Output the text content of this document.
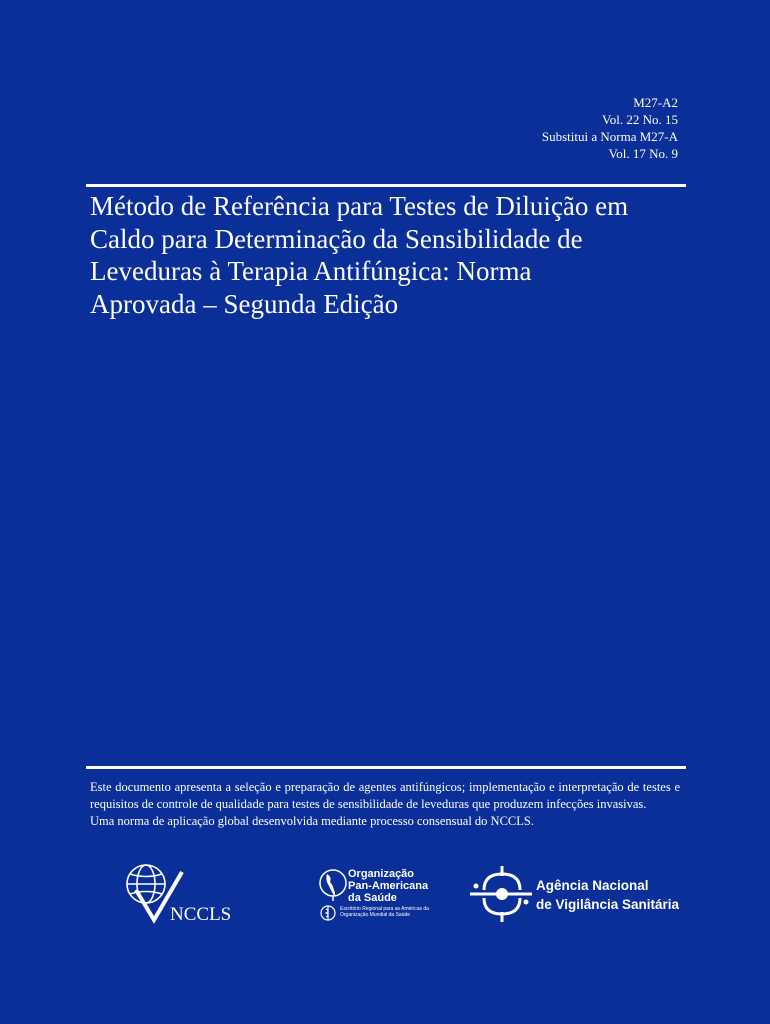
M27-A2
Vol. 22 No. 15
Substitui a Norma M27-A
Vol. 17 No. 9
Método de Referência para Testes de Diluição em
Caldo para Determinação da Sensibilidade de
Leveduras à Terapia Antifúngica: Norma
Aprovada – Segunda Edição

Este documento apresenta a seleção e preparação de agentes antifúngicos; implementação e interpretação de testes e requisitos de controle de qualidade para testes de sensibilidade de leveduras que produzem infecções invasivas.

Uma norma de aplicação global desenvolvida mediante processo consensual do NCCLS.

NCCLS
Organização
Pan-Americana
da Saúde
Escritório Regional para as Américas da
Organização Mundial da Saúde
Agência Nacional
de Vigilância Sanitária
